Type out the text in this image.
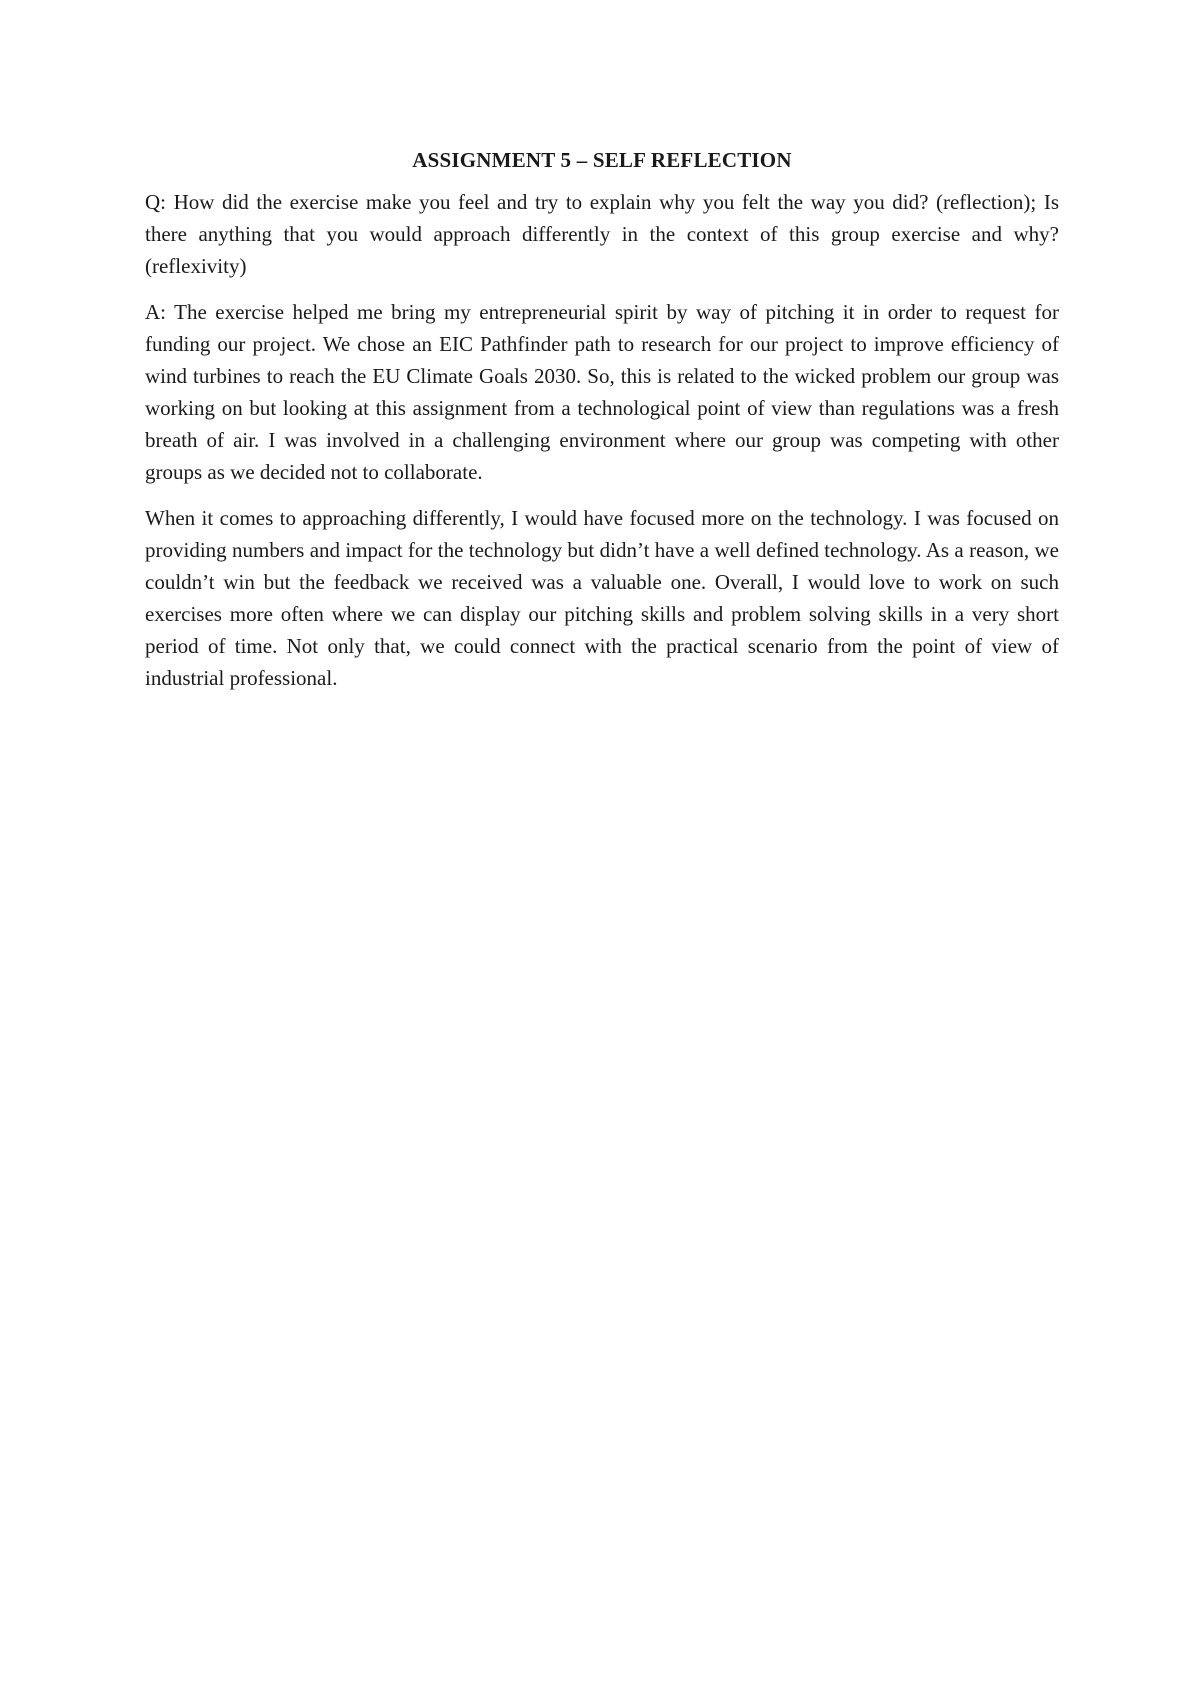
ASSIGNMENT 5 – SELF REFLECTION

Q: How did the exercise make you feel and try to explain why you felt the way you did? (reflection); Is there anything that you would approach differently in the context of this group exercise and why? (reflexivity)

A: The exercise helped me bring my entrepreneurial spirit by way of pitching it in order to request for funding our project. We chose an EIC Pathfinder path to research for our project to improve efficiency of wind turbines to reach the EU Climate Goals 2030. So, this is related to the wicked problem our group was working on but looking at this assignment from a technological point of view than regulations was a fresh breath of air. I was involved in a challenging environment where our group was competing with other groups as we decided not to collaborate.

When it comes to approaching differently, I would have focused more on the technology. I was focused on providing numbers and impact for the technology but didn’t have a well defined technology. As a reason, we couldn’t win but the feedback we received was a valuable one. Overall, I would love to work on such exercises more often where we can display our pitching skills and problem solving skills in a very short period of time. Not only that, we could connect with the practical scenario from the point of view of industrial professional.
